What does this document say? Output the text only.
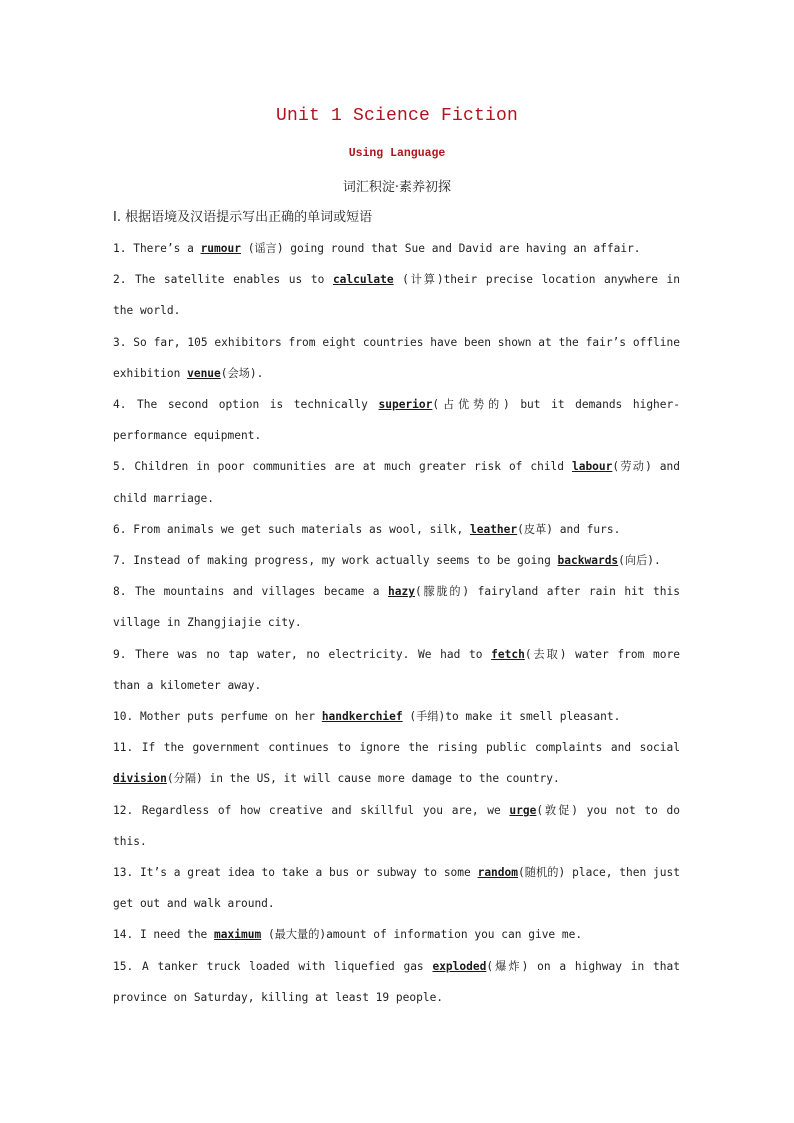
Unit 1 Science Fiction
Using Language
词汇积淀·素养初探
Ⅰ. 根据语境及汉语提示写出正确的单词或短语

1. There’s a rumour (谣言) going round that Sue and David are having an affair.

2. The satellite enables us to calculate (计算)their precise location anywhere in the world.

3. So far, 105 exhibitors from eight countries have been shown at the fair’s offline exhibition venue(会场).

4. The second option is technically superior(占优势的) but it demands higher-performance equipment.

5. Children in poor communities are at much greater risk of child labour(劳动) and child marriage.

6. From animals we get such materials as wool, silk, leather(皮革) and furs.

7. Instead of making progress, my work actually seems to be going backwards(向后).

8. The mountains and villages became a hazy(朦胧的) fairyland after rain hit this village in Zhangjiajie city.

9. There was no tap water, no electricity. We had to fetch(去取) water from more than a kilometer away.

10. Mother puts perfume on her handkerchief (手绢)to make it smell pleasant.

11. If the government continues to ignore the rising public complaints and social division(分隔) in the US, it will cause more damage to the country.

12. Regardless of how creative and skillful you are, we urge(敦促) you not to do this.

13. It’s a great idea to take a bus or subway to some random(随机的) place, then just get out and walk around.

14. I need the maximum (最大量的)amount of information you can give me.

15. A tanker truck loaded with liquefied gas exploded(爆炸) on a highway in that province on Saturday, killing at least 19 people.
